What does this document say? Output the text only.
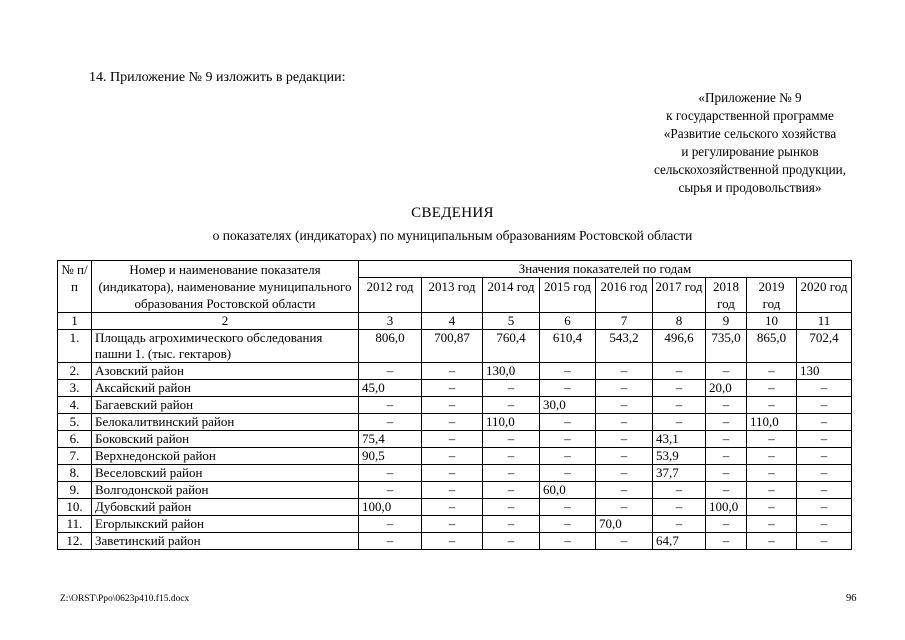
14. Приложение № 9 изложить в редакции:
«Приложение № 9
к государственной программе
«Развитие сельского хозяйства
и регулирование рынков
сельскохозяйственной продукции,
сырья и продовольствия»
СВЕДЕНИЯ
о показателях (индикаторах) по муниципальным образованиям Ростовской области
№ п/п	Номер и наименование показателя (индикатора), наименование муниципального образования Ростовской области	Значения показателей по годам								
		2012 год	2013 год	2014 год	2015 год	2016 год	2017 год	2018 год	2019 год	2020 год
1	2	3	4	5	6	7	8	9	10	11
1.	Площадь агрохимического обследования пашни 1. (тыс. гектаров)	806,0	700,87	760,4	610,4	543,2	496,6	735,0	865,0	702,4
2.	Азовский район	–	–	130,0	–	–	–	–	–	130
3.	Аксайский район	45,0	–	–	–	–	–	20,0	–	–
4.	Багаевский район	–	–	–	30,0	–	–	–	–	–
5.	Белокалитвинский район	–	–	110,0	–	–	–	–	110,0	–
6.	Боковский район	75,4	–	–	–	–	43,1	–	–	–
7.	Верхнедонской район	90,5	–	–	–	–	53,9	–	–	–
8.	Веселовский район	–	–	–	–	–	37,7	–	–	–
9.	Волгодонской район	–	–	–	60,0	–	–	–	–	–
10.	Дубовский район	100,0	–	–	–	–	–	100,0	–	–
11.	Егорлыкский район	–	–	–	–	70,0	–	–	–	–
12.	Заветинский район	–	–	–	–	–	64,7	–	–	–
Z:\ORST\Ppo\0623p410.f15.docx	96
